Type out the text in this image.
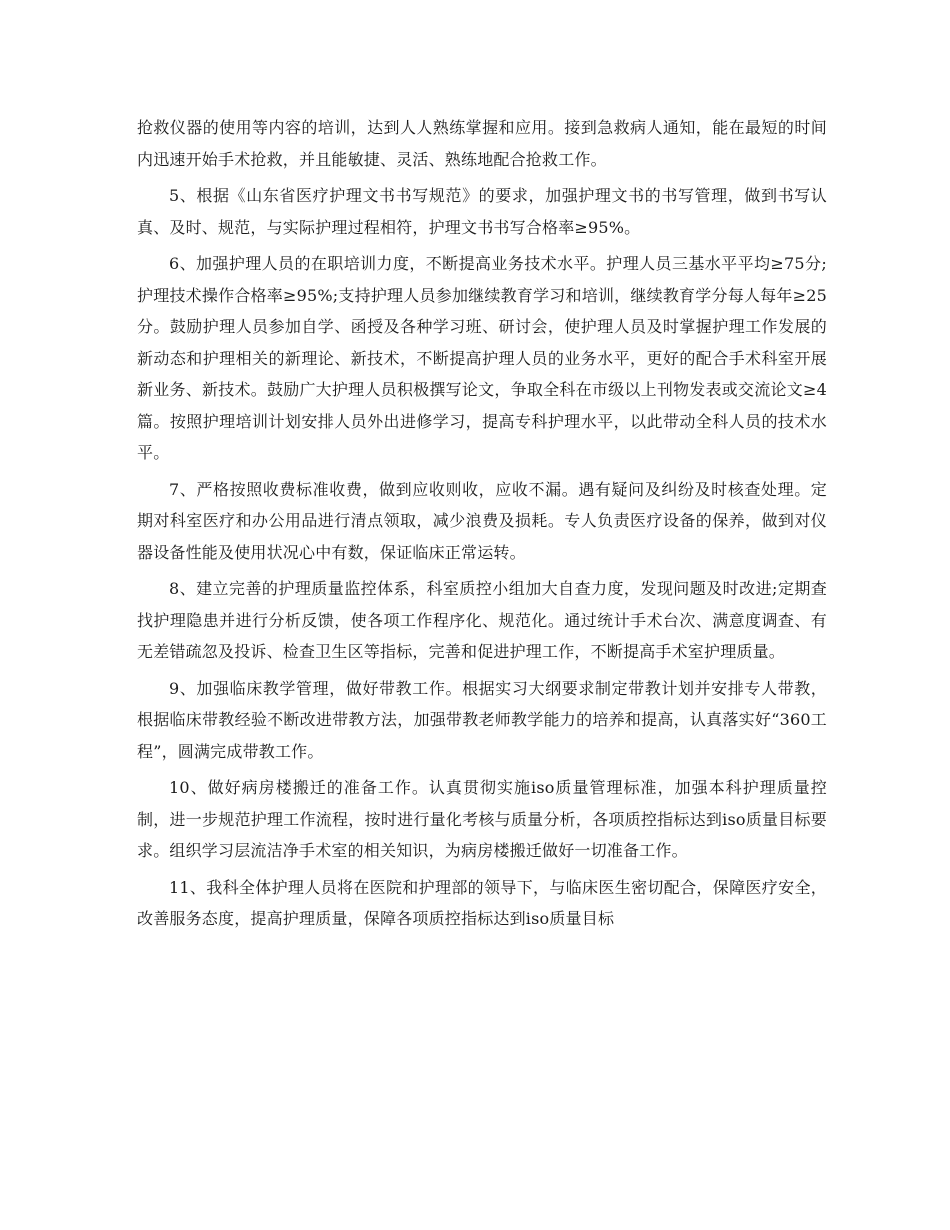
抢救仪器的使用等内容的培训，达到人人熟练掌握和应用。接到急救病人通知，能在最短的时间内迅速开始手术抢救，并且能敏捷、灵活、熟练地配合抢救工作。

5、根据《山东省医疗护理文书书写规范》的要求，加强护理文书的书写管理，做到书写认真、及时、规范，与实际护理过程相符，护理文书书写合格率≥95%。

6、加强护理人员的在职培训力度，不断提高业务技术水平。护理人员三基水平平均≥75分;护理技术操作合格率≥95%;支持护理人员参加继续教育学习和培训，继续教育学分每人每年≥25分。鼓励护理人员参加自学、函授及各种学习班、研讨会，使护理人员及时掌握护理工作发展的新动态和护理相关的新理论、新技术，不断提高护理人员的业务水平，更好的配合手术科室开展新业务、新技术。鼓励广大护理人员积极撰写论文，争取全科在市级以上刊物发表或交流论文≥4篇。按照护理培训计划安排人员外出进修学习，提高专科护理水平，以此带动全科人员的技术水平。

7、严格按照收费标准收费，做到应收则收，应收不漏。遇有疑问及纠纷及时核查处理。定期对科室医疗和办公用品进行清点领取，减少浪费及损耗。专人负责医疗设备的保养，做到对仪器设备性能及使用状况心中有数，保证临床正常运转。

8、建立完善的护理质量监控体系，科室质控小组加大自查力度，发现问题及时改进;定期查找护理隐患并进行分析反馈，使各项工作程序化、规范化。通过统计手术台次、满意度调查、有无差错疏忽及投诉、检查卫生区等指标，完善和促进护理工作，不断提高手术室护理质量。

9、加强临床教学管理，做好带教工作。根据实习大纲要求制定带教计划并安排专人带教，根据临床带教经验不断改进带教方法，加强带教老师教学能力的培养和提高，认真落实好“360工程”，圆满完成带教工作。

10、做好病房楼搬迁的准备工作。认真贯彻实施iso质量管理标准，加强本科护理质量控制，进一步规范护理工作流程，按时进行量化考核与质量分析，各项质控指标达到iso质量目标要求。组织学习层流洁净手术室的相关知识，为病房楼搬迁做好一切准备工作。

11、我科全体护理人员将在医院和护理部的领导下，与临床医生密切配合，保障医疗安全，改善服务态度，提高护理质量，保障各项质控指标达到iso质量目标
